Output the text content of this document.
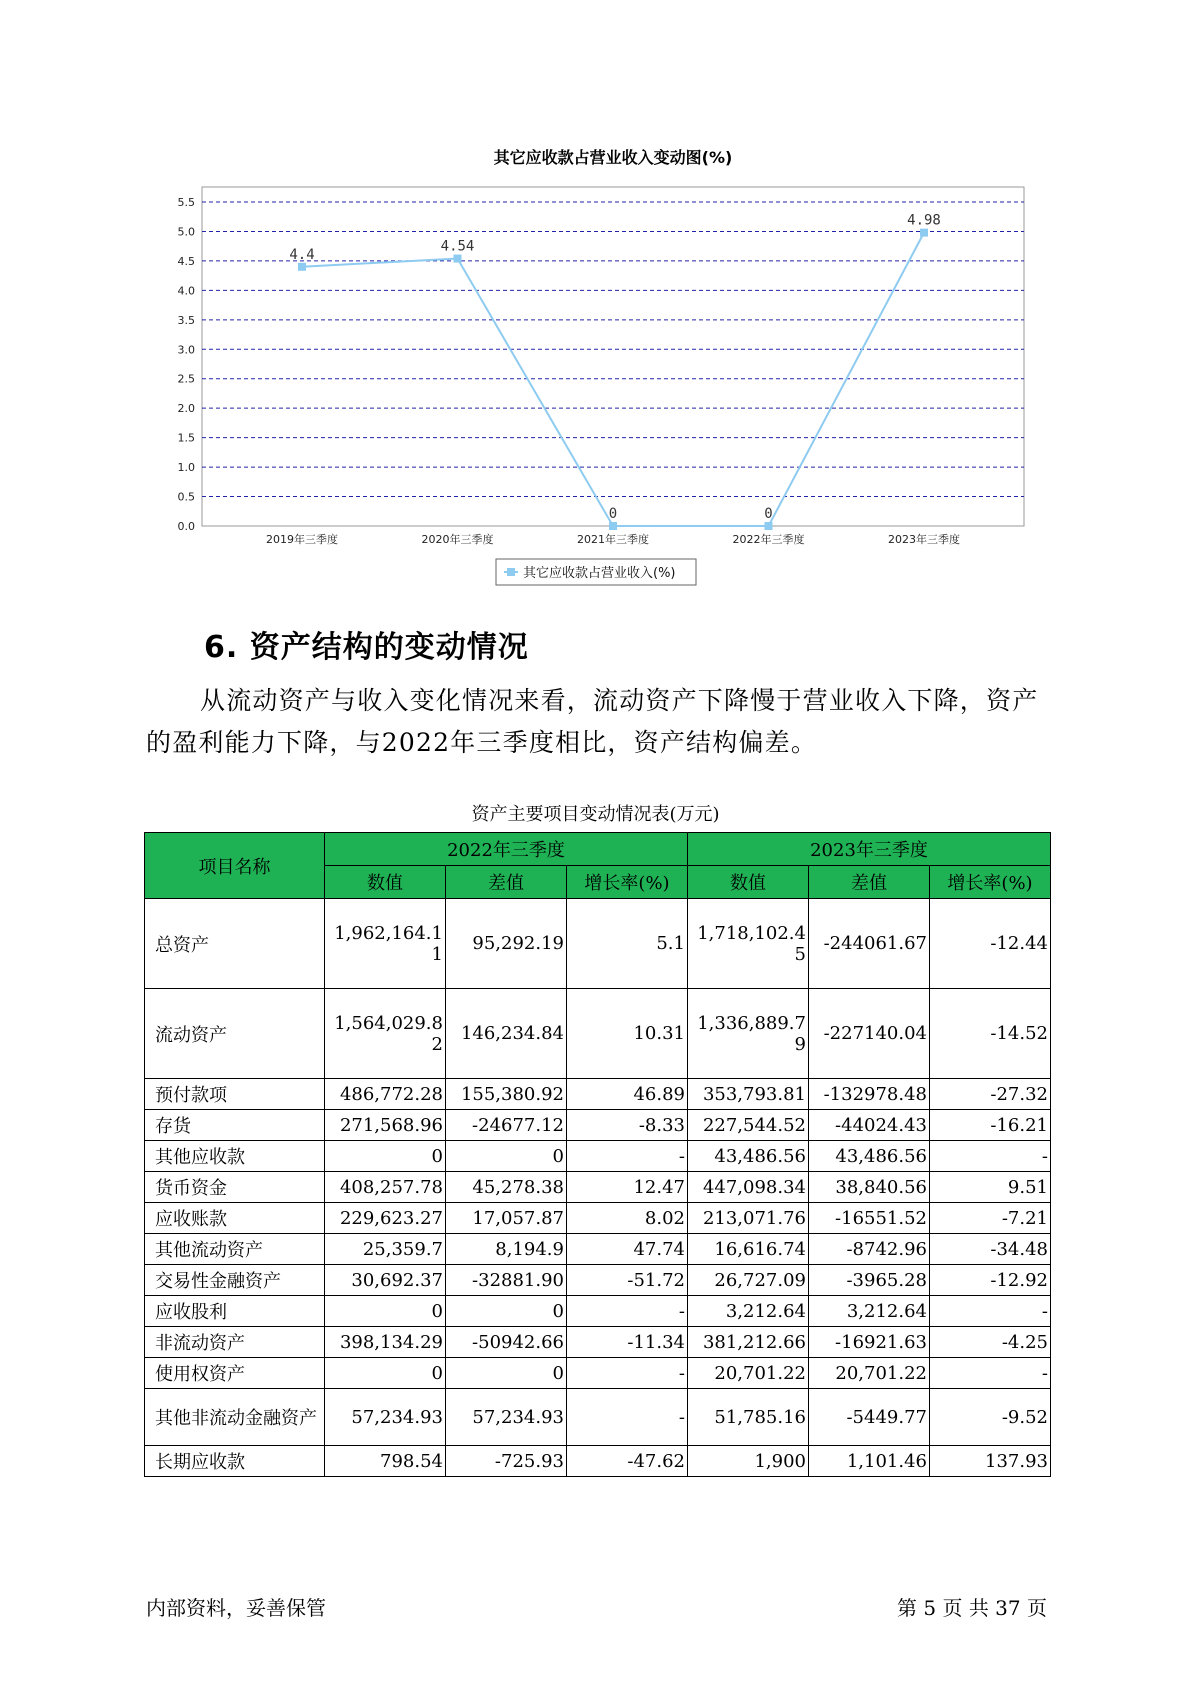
其它应收款占营业收入变动图(%)
0.0
0.5
1.0
1.5
2.0
2.5
3.0
3.5
4.0
4.5
5.0
5.5
2019年三季度	2020年三季度	2021年三季度	2022年三季度	2023年三季度
4.4
4.54
0	0
4.98
其它应收款占营业收入(%)
6. 资产结构的变动情况
从流动资产与收入变化情况来看，流动资产下降慢于营业收入下降，资产的盈利能力下降，与2022年三季度相比，资产结构偏差。
资产主要项目变动情况表(万元)
项目名称	2022年三季度			2023年三季度		
	数值	差值	增长率(%)	数值	差值	增长率(%)
总资产	1,962,164.11	95,292.19	5.1	1,718,102.45	-244061.67	-12.44
流动资产	1,564,029.82	146,234.84	10.31	1,336,889.79	-227140.04	-14.52
预付款项	486,772.28	155,380.92	46.89	353,793.81	-132978.48	-27.32
存货	271,568.96	-24677.12	-8.33	227,544.52	-44024.43	-16.21
其他应收款	0	0	-	43,486.56	43,486.56	-
货币资金	408,257.78	45,278.38	12.47	447,098.34	38,840.56	9.51
应收账款	229,623.27	17,057.87	8.02	213,071.76	-16551.52	-7.21
其他流动资产	25,359.7	8,194.9	47.74	16,616.74	-8742.96	-34.48
交易性金融资产	30,692.37	-32881.90	-51.72	26,727.09	-3965.28	-12.92
应收股利	0	0	-	3,212.64	3,212.64	-
非流动资产	398,134.29	-50942.66	-11.34	381,212.66	-16921.63	-4.25
使用权资产	0	0	-	20,701.22	20,701.22	-
其他非流动金融资产	57,234.93	57,234.93	-	51,785.16	-5449.77	-9.52
长期应收款	798.54	-725.93	-47.62	1,900	1,101.46	137.93
内部资料，妥善保管	第 5 页 共 37 页
